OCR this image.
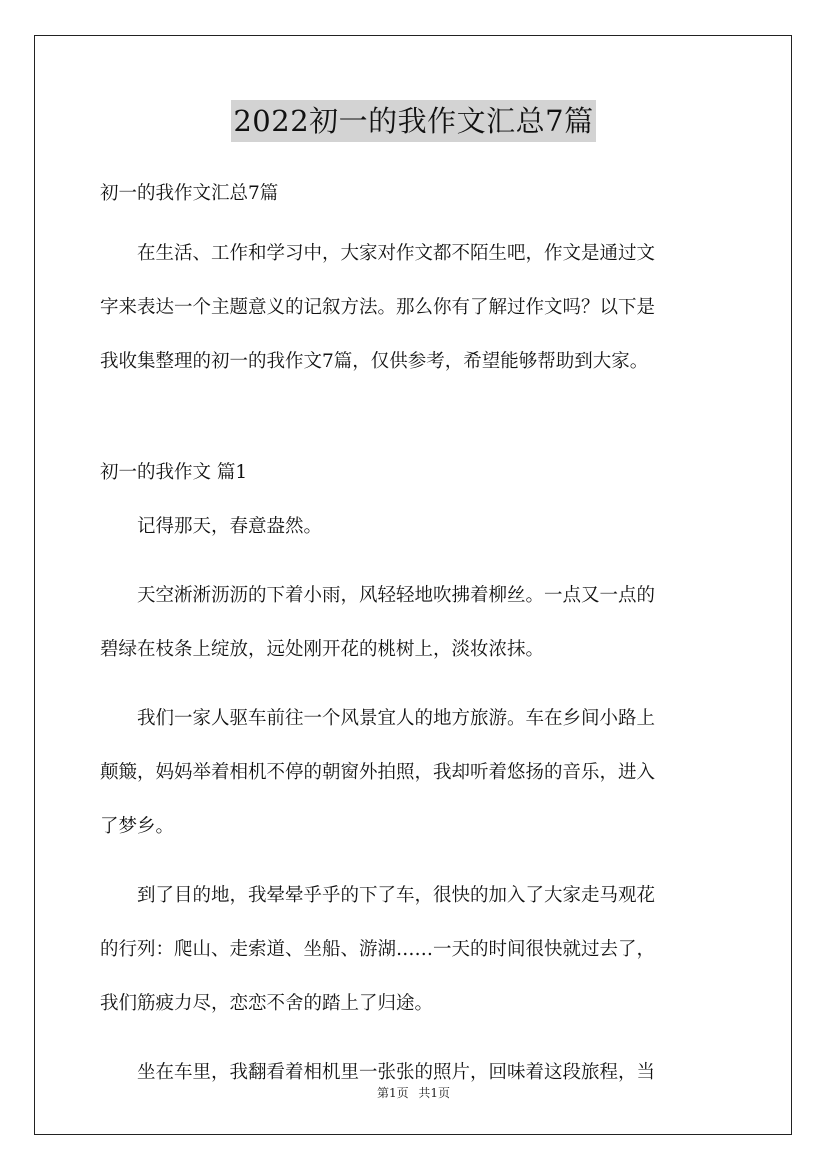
2022初一的我作文汇总7篇
初一的我作文汇总7篇
在生活、工作和学习中，大家对作文都不陌生吧，作文是通过文
字来表达一个主题意义的记叙方法。那么你有了解过作文吗？以下是
我收集整理的初一的我作文7篇，仅供参考，希望能够帮助到大家。
初一的我作文 篇1
记得那天，春意盎然。
天空淅淅沥沥的下着小雨，风轻轻地吹拂着柳丝。一点又一点的
碧绿在枝条上绽放，远处刚开花的桃树上，淡妆浓抹。
我们一家人驱车前往一个风景宜人的地方旅游。车在乡间小路上
颠簸，妈妈举着相机不停的朝窗外拍照，我却听着悠扬的音乐，进入
了梦乡。
到了目的地，我晕晕乎乎的下了车，很快的加入了大家走马观花
的行列：爬山、走索道、坐船、游湖……一天的时间很快就过去了，
我们筋疲力尽，恋恋不舍的踏上了归途。
坐在车里，我翻看着相机里一张张的照片，回味着这段旅程，当
第1页 共1页
